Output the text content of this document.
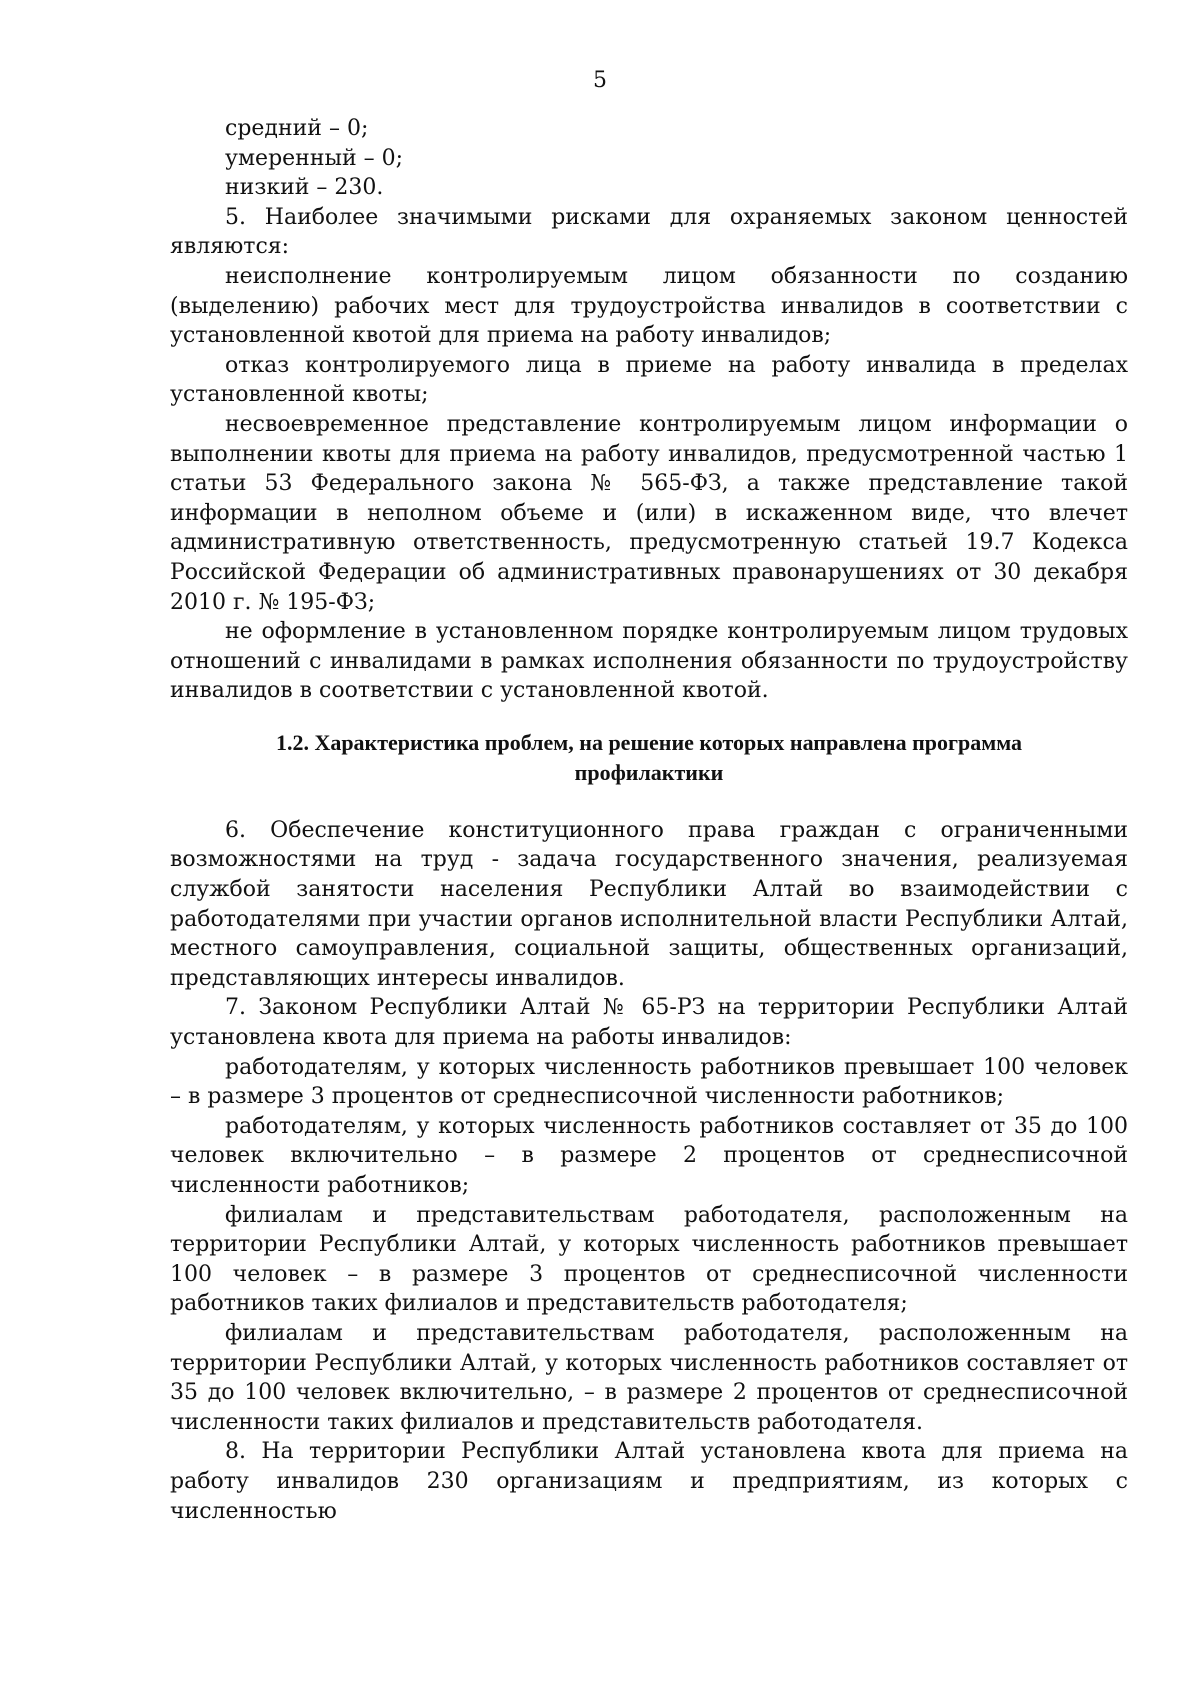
5

средний – 0;

умеренный – 0;

низкий – 230.

5. Наиболее значимыми рисками для охраняемых законом ценностей являются:

неисполнение контролируемым лицом обязанности по созданию (выделению) рабочих мест для трудоустройства инвалидов в соответствии с установленной квотой для приема на работу инвалидов;

отказ контролируемого лица в приеме на работу инвалида в пределах установленной квоты;

несвоевременное представление контролируемым лицом информации о выполнении квоты для приема на работу инвалидов, предусмотренной частью 1 статьи 53 Федерального закона № 565-ФЗ, а также представление такой информации в неполном объеме и (или) в искаженном виде, что влечет административную ответственность, предусмотренную статьей 19.7 Кодекса Российской Федерации об административных правонарушениях от 30 декабря 2010 г. № 195-ФЗ;

не оформление в установленном порядке контролируемым лицом трудовых отношений с инвалидами в рамках исполнения обязанности по трудоустройству инвалидов в соответствии с установленной квотой.

1.2. Характеристика проблем, на решение которых направлена программа
профилактики

6. Обеспечение конституционного права граждан с ограниченными возможностями на труд - задача государственного значения, реализуемая службой занятости населения Республики Алтай во взаимодействии с работодателями при участии органов исполнительной власти Республики Алтай, местного самоуправления, социальной защиты, общественных организаций, представляющих интересы инвалидов.

7. Законом Республики Алтай № 65-РЗ на территории Республики Алтай установлена квота для приема на работы инвалидов:

работодателям, у которых численность работников превышает 100 человек – в размере 3 процентов от среднесписочной численности работников;

работодателям, у которых численность работников составляет от 35 до 100 человек включительно – в размере 2 процентов от среднесписочной численности работников;

филиалам и представительствам работодателя, расположенным на территории Республики Алтай, у которых численность работников превышает 100 человек – в размере 3 процентов от среднесписочной численности работников таких филиалов и представительств работодателя;

филиалам и представительствам работодателя, расположенным на территории Республики Алтай, у которых численность работников составляет от 35 до 100 человек включительно, – в размере 2 процентов от среднесписочной численности таких филиалов и представительств работодателя.

8. На территории Республики Алтай установлена квота для приема на работу инвалидов 230 организациям и предприятиям, из которых с численностью
